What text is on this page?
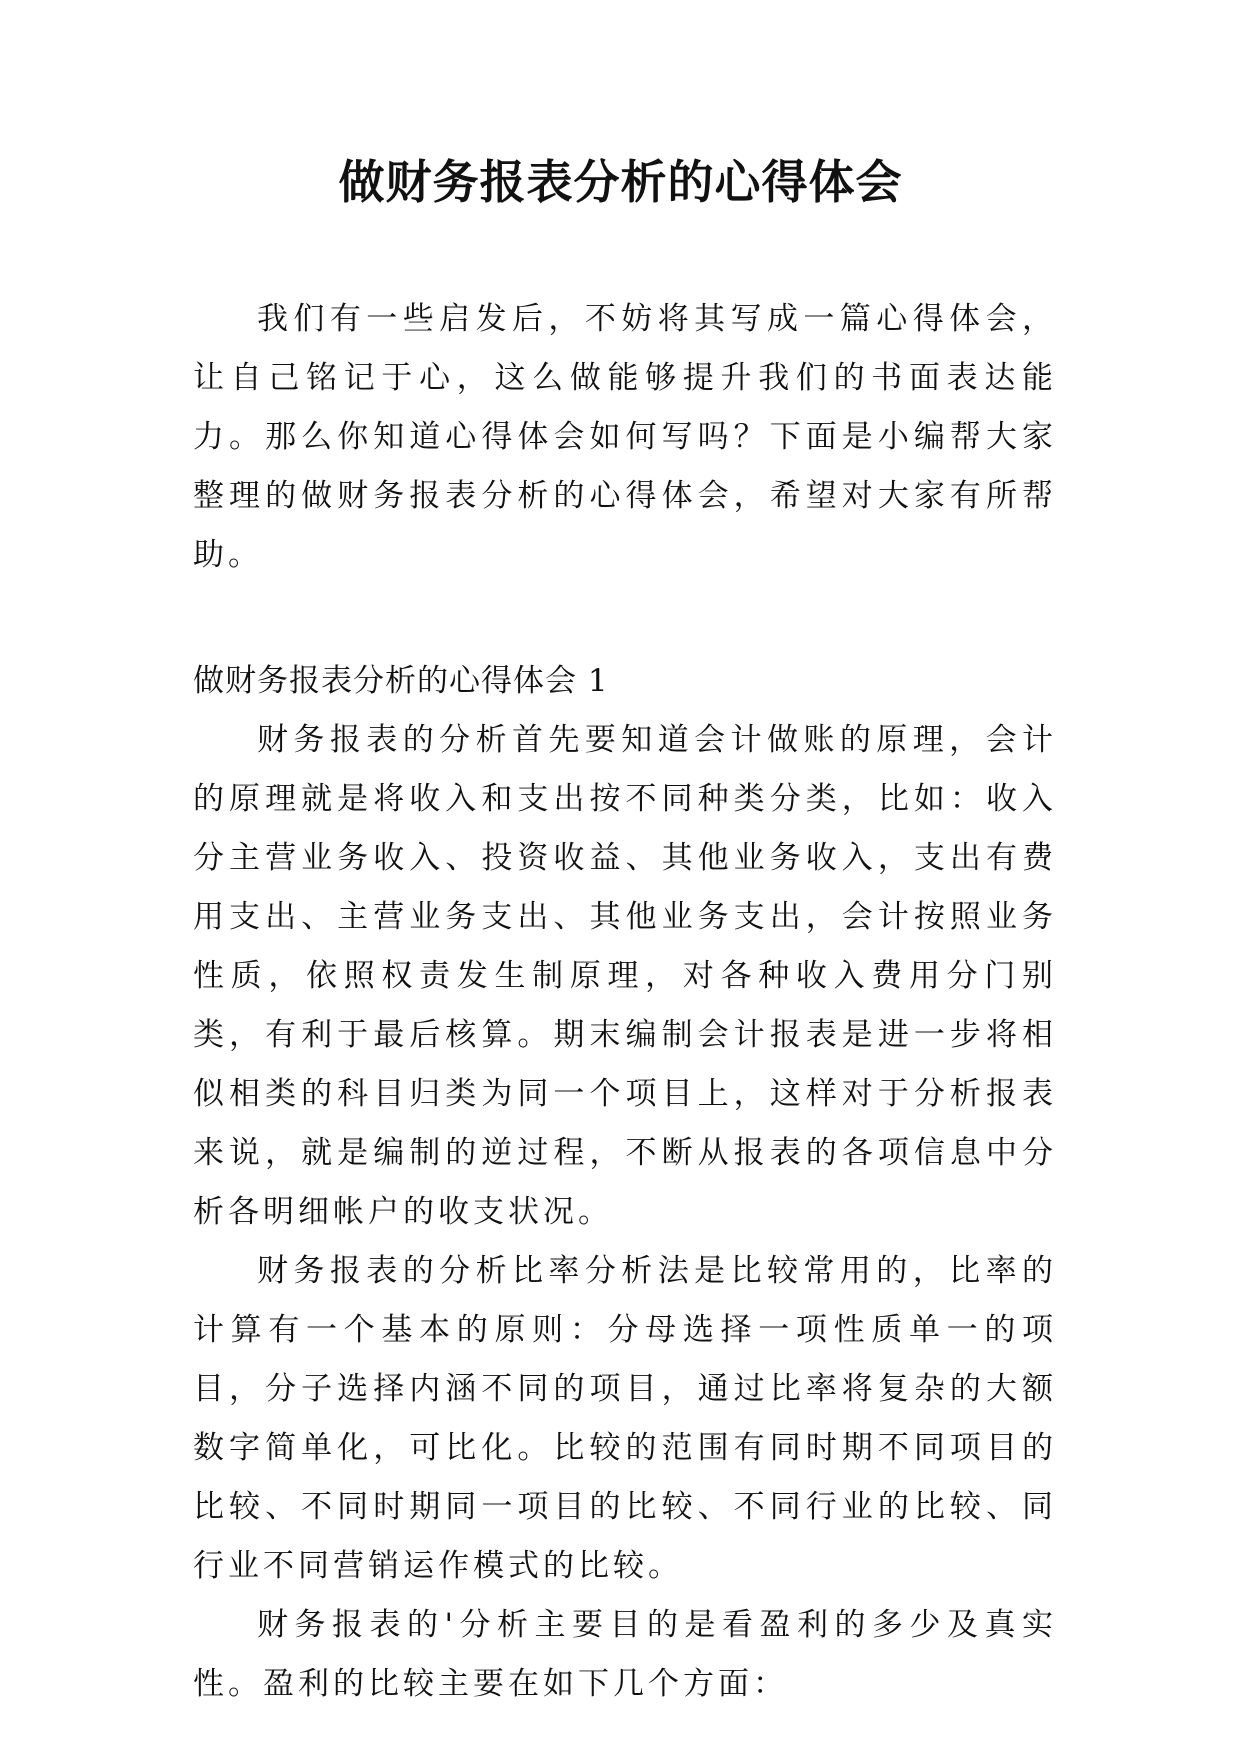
做财务报表分析的心得体会

我们有一些启发后，不妨将其写成一篇心得体会，让自己铭记于心，这么做能够提升我们的书面表达能力。那么你知道心得体会如何写吗？下面是小编帮大家整理的做财务报表分析的心得体会，希望对大家有所帮助。

做财务报表分析的心得体会 1

财务报表的分析首先要知道会计做账的原理，会计的原理就是将收入和支出按不同种类分类，比如：收入分主营业务收入、投资收益、其他业务收入，支出有费用支出、主营业务支出、其他业务支出，会计按照业务性质，依照权责发生制原理，对各种收入费用分门别类，有利于最后核算。期末编制会计报表是进一步将相似相类的科目归类为同一个项目上，这样对于分析报表来说，就是编制的逆过程，不断从报表的各项信息中分析各明细帐户的收支状况。

财务报表的分析比率分析法是比较常用的，比率的计算有一个基本的原则：分母选择一项性质单一的项目，分子选择内涵不同的项目，通过比率将复杂的大额数字简单化，可比化。比较的范围有同时期不同项目的比较、不同时期同一项目的比较、不同行业的比较、同行业不同营销运作模式的比较。

财务报表的'分析主要目的是看盈利的多少及真实性。盈利的比较主要在如下几个方面：
